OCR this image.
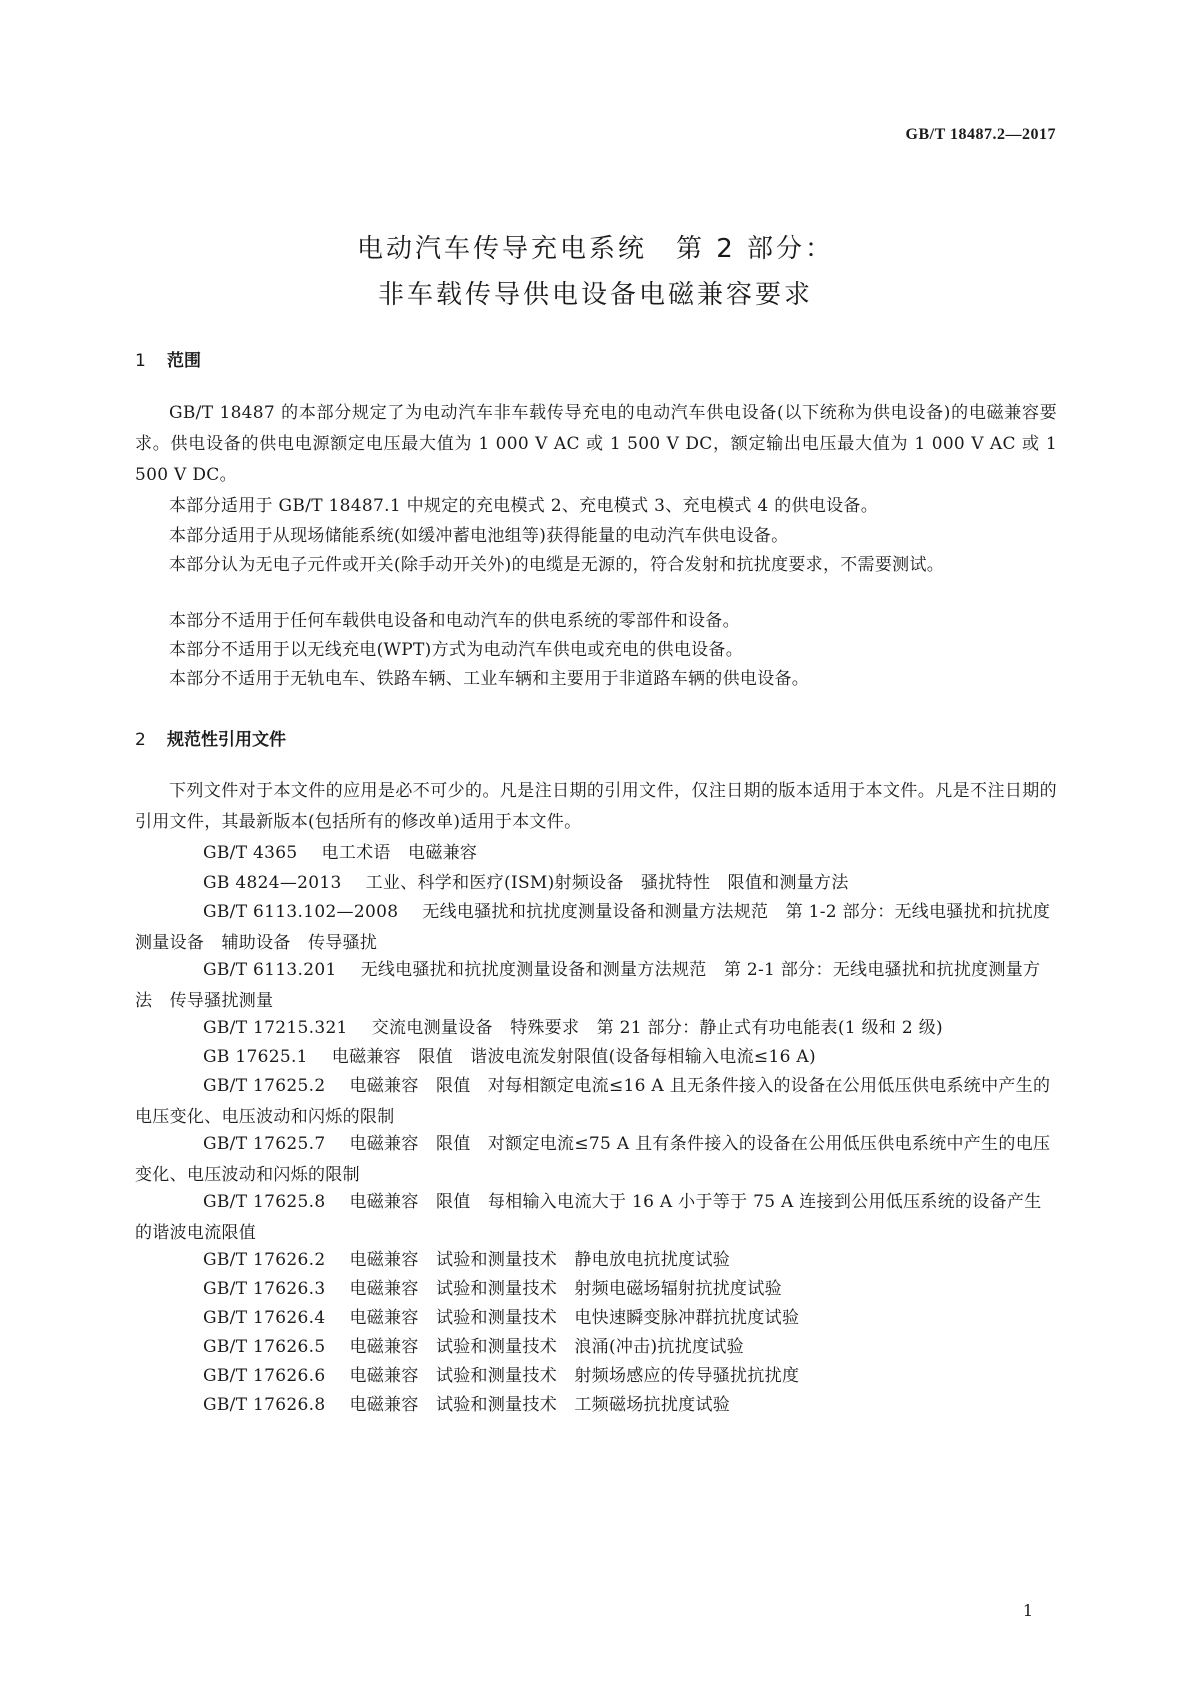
GB/T 18487.2—2017
电动汽车传导充电系统　第 2 部分：
非车载传导供电设备电磁兼容要求
1 范围

GB/T 18487 的本部分规定了为电动汽车非车载传导充电的电动汽车供电设备(以下统称为供电设备)的电磁兼容要求。供电设备的供电电源额定电压最大值为 1 000 V AC 或 1 500 V DC，额定输出电压最大值为 1 000 V AC 或 1 500 V DC。

本部分适用于 GB/T 18487.1 中规定的充电模式 2、充电模式 3、充电模式 4 的供电设备。

本部分适用于从现场储能系统(如缓冲蓄电池组等)获得能量的电动汽车供电设备。

本部分认为无电子元件或开关(除手动开关外)的电缆是无源的，符合发射和抗扰度要求，不需要测试。

本部分不适用于任何车载供电设备和电动汽车的供电系统的零部件和设备。

本部分不适用于以无线充电(WPT)方式为电动汽车供电或充电的供电设备。

本部分不适用于无轨电车、铁路车辆、工业车辆和主要用于非道路车辆的供电设备。

2 规范性引用文件

下列文件对于本文件的应用是必不可少的。凡是注日期的引用文件，仅注日期的版本适用于本文件。凡是不注日期的引用文件，其最新版本(包括所有的修改单)适用于本文件。

GB/T 4365 电工术语　电磁兼容

GB 4824—2013 工业、科学和医疗(ISM)射频设备　骚扰特性　限值和测量方法

GB/T 6113.102—2008 无线电骚扰和抗扰度测量设备和测量方法规范　第 1-2 部分：无线电骚扰和抗扰度测量设备　辅助设备　传导骚扰

GB/T 6113.201 无线电骚扰和抗扰度测量设备和测量方法规范　第 2-1 部分：无线电骚扰和抗扰度测量方法　传导骚扰测量

GB/T 17215.321 交流电测量设备　特殊要求　第 21 部分：静止式有功电能表(1 级和 2 级)

GB 17625.1 电磁兼容　限值　谐波电流发射限值(设备每相输入电流≤16 A)

GB/T 17625.2 电磁兼容　限值　对每相额定电流≤16 A 且无条件接入的设备在公用低压供电系统中产生的电压变化、电压波动和闪烁的限制

GB/T 17625.7 电磁兼容　限值　对额定电流≤75 A 且有条件接入的设备在公用低压供电系统中产生的电压变化、电压波动和闪烁的限制

GB/T 17625.8 电磁兼容　限值　每相输入电流大于 16 A 小于等于 75 A 连接到公用低压系统的设备产生的谐波电流限值

GB/T 17626.2 电磁兼容　试验和测量技术　静电放电抗扰度试验

GB/T 17626.3 电磁兼容　试验和测量技术　射频电磁场辐射抗扰度试验

GB/T 17626.4 电磁兼容　试验和测量技术　电快速瞬变脉冲群抗扰度试验

GB/T 17626.5 电磁兼容　试验和测量技术　浪涌(冲击)抗扰度试验

GB/T 17626.6 电磁兼容　试验和测量技术　射频场感应的传导骚扰抗扰度

GB/T 17626.8 电磁兼容　试验和测量技术　工频磁场抗扰度试验

1
